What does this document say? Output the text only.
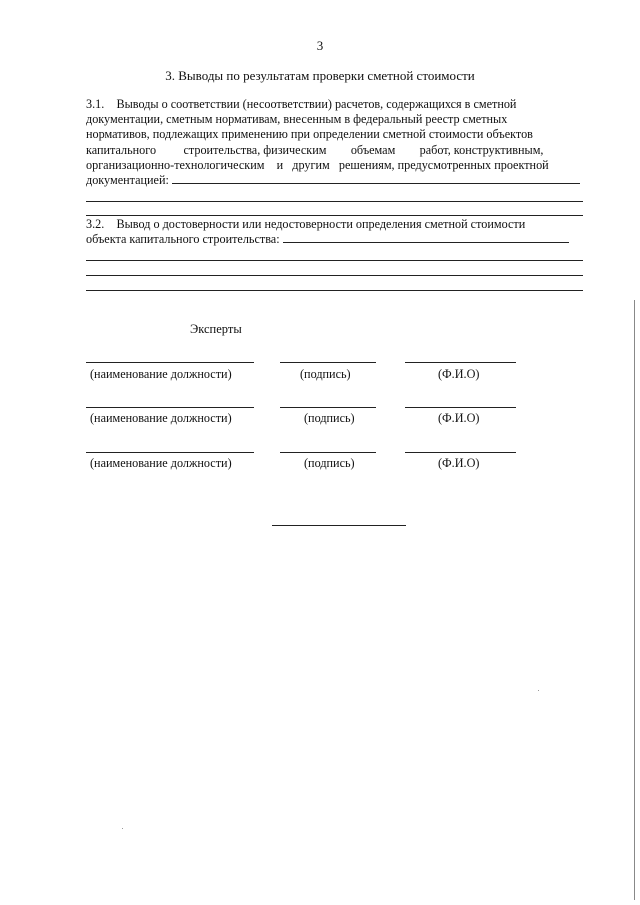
3
3. Выводы по результатам проверки сметной стоимости
3.1.    Выводы о соответствии (несоответствии) расчетов, содержащихся в сметной
документации, сметным нормативам, внесенным в федеральный реестр сметных
нормативов, подлежащих применению при определении сметной стоимости объектов
капитального         строительства, физическим        объемам        работ, конструктивным,
организационно-технологическим    и   другим   решениям, предусмотренных проектной
документацией:
3.2.    Вывод о достоверности или недостоверности определения сметной стоимости
объекта капитального строительства:
Эксперты
(наименование должности)	(подпись)	(Ф.И.О)
(наименование должности)	(подпись)	(Ф.И.О)
(наименование должности)	(подпись)	(Ф.И.О)
